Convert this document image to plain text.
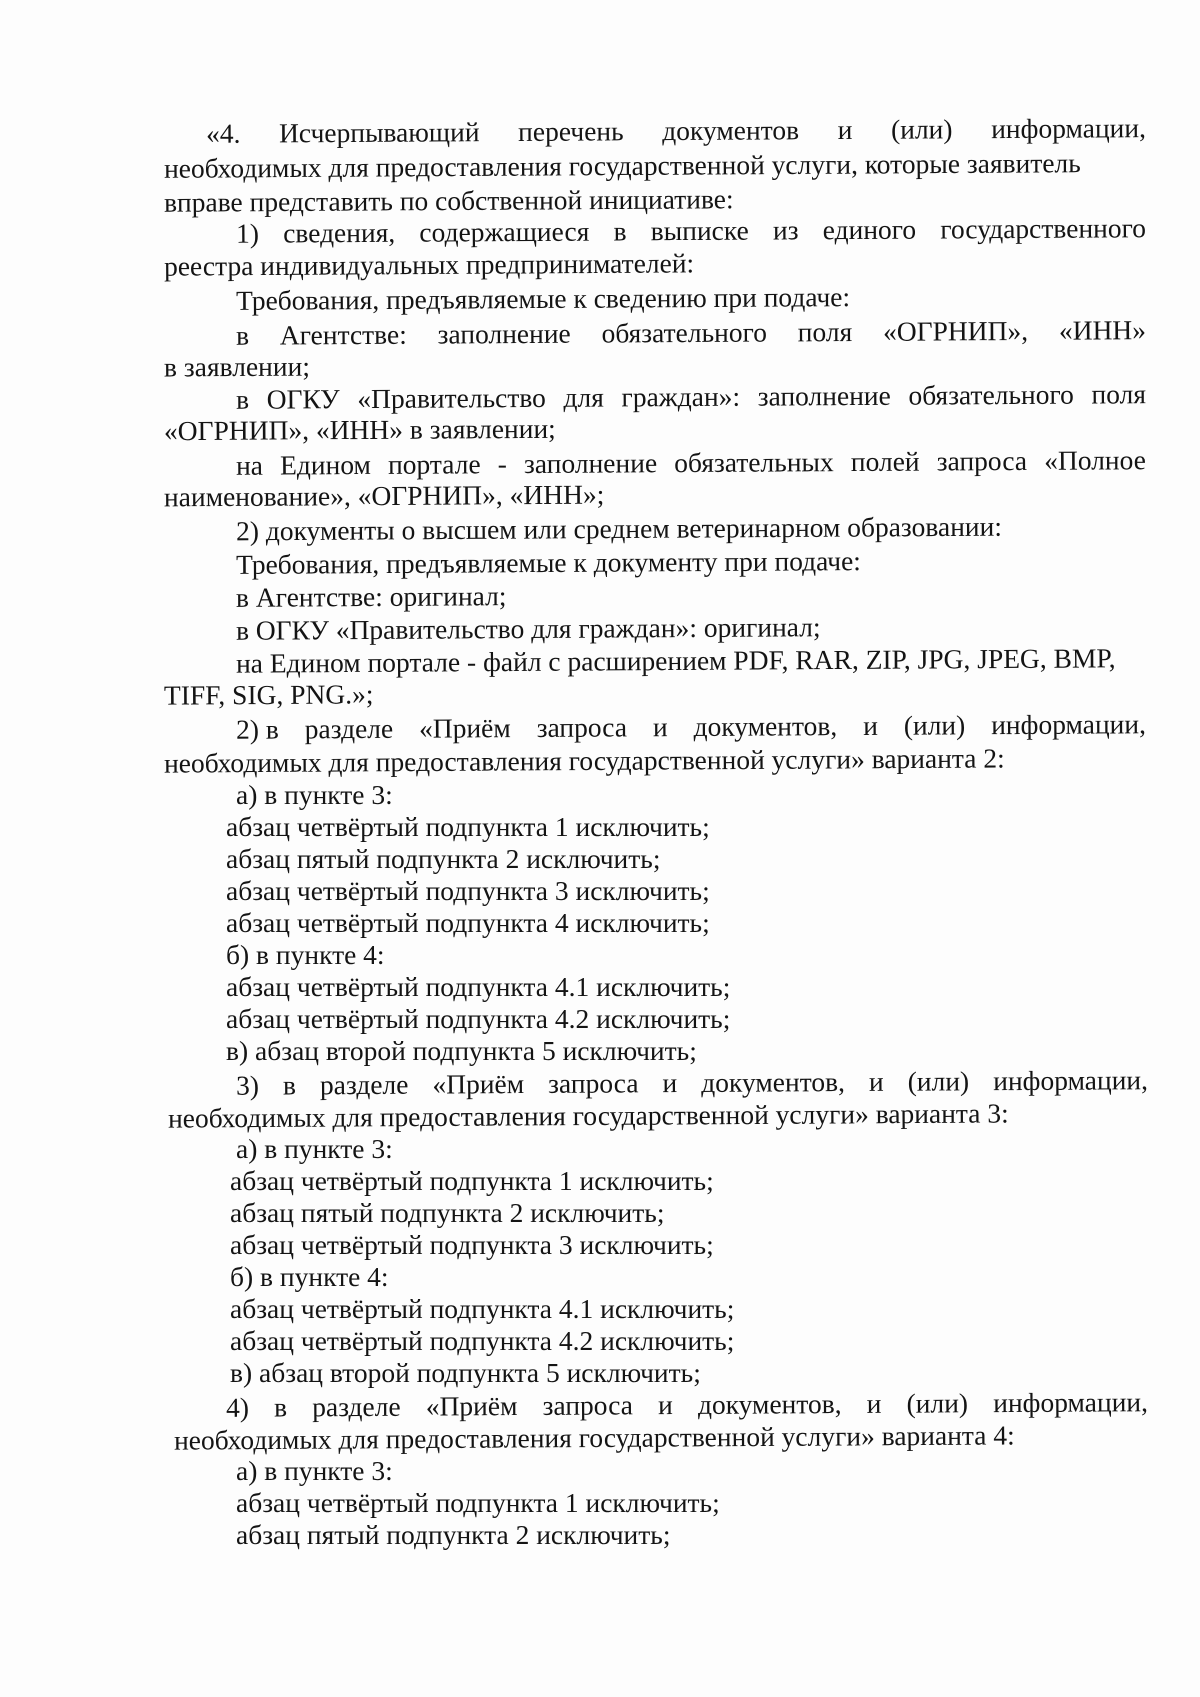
«4. Исчерпывающий перечень документов и (или) информации,
необходимых для предоставления государственной услуги, которые заявитель
вправе представить по собственной инициативе:
1) сведения, содержащиеся в выписке из единого государственного
реестра индивидуальных предпринимателей:
Требования, предъявляемые к сведению при подаче:
в Агентстве: заполнение обязательного поля «ОГРНИП», «ИНН»
в заявлении;
в ОГКУ «Правительство для граждан»: заполнение обязательного поля
«ОГРНИП», «ИНН» в заявлении;
на Едином портале - заполнение обязательных полей запроса «Полное
наименование», «ОГРНИП», «ИНН»;
2) документы о высшем или среднем ветеринарном образовании:
Требования, предъявляемые к документу при подаче:
в Агентстве: оригинал;
в ОГКУ «Правительство для граждан»: оригинал;
на Едином портале - файл с расширением PDF, RAR, ZIP, JPG, JPEG, BMP,
TIFF, SIG, PNG.»;
2) в разделе «Приём запроса и документов, и (или) информации,
необходимых для предоставления государственной услуги» варианта 2:
а) в пункте 3:
абзац четвёртый подпункта 1 исключить;
абзац пятый подпункта 2 исключить;
абзац четвёртый подпункта 3 исключить;
абзац четвёртый подпункта 4 исключить;
б) в пункте 4:
абзац четвёртый подпункта 4.1 исключить;
абзац четвёртый подпункта 4.2 исключить;
в) абзац второй подпункта 5 исключить;
3) в разделе «Приём запроса и документов, и (или) информации,
необходимых для предоставления государственной услуги» варианта 3:
а) в пункте 3:
абзац четвёртый подпункта 1 исключить;
абзац пятый подпункта 2 исключить;
абзац четвёртый подпункта 3 исключить;
б) в пункте 4:
абзац четвёртый подпункта 4.1 исключить;
абзац четвёртый подпункта 4.2 исключить;
в) абзац второй подпункта 5 исключить;
4) в разделе «Приём запроса и документов, и (или) информации,
необходимых для предоставления государственной услуги» варианта 4:
а) в пункте 3:
абзац четвёртый подпункта 1 исключить;
абзац пятый подпункта 2 исключить;
